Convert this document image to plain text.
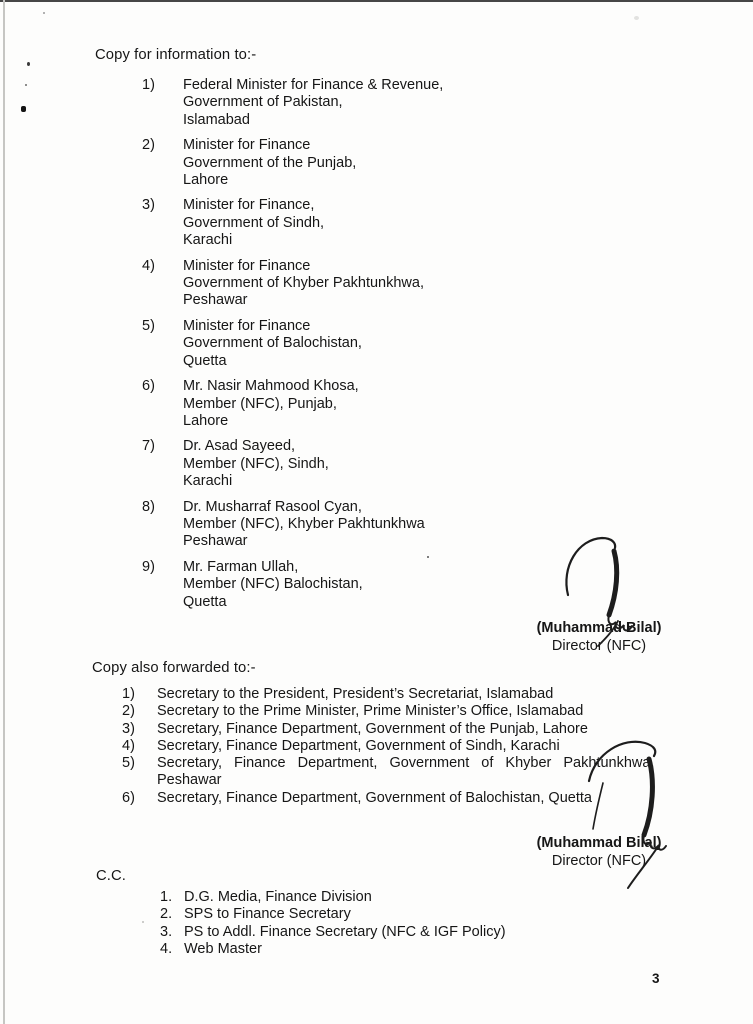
Copy for information to:-
1)	Federal Minister for Finance & Revenue,
Government of Pakistan,
Islamabad
2)	Minister for Finance
Government of the Punjab,
Lahore
3)	Minister for Finance,
Government of Sindh,
Karachi
4)	Minister for Finance
Government of Khyber Pakhtunkhwa,
Peshawar
5)	Minister for Finance
Government of Balochistan,
Quetta
6)	Mr. Nasir Mahmood Khosa,
Member (NFC), Punjab,
Lahore
7)	Dr. Asad Sayeed,
Member (NFC), Sindh,
Karachi
8)	Dr. Musharraf Rasool Cyan,
Member (NFC), Khyber Pakhtunkhwa
Peshawar
9)	Mr. Farman Ullah,
Member (NFC) Balochistan,
Quetta
(Muhammad Bilal)
Director (NFC)
Copy also forwarded to:-
1)	Secretary to the President, President’s Secretariat, Islamabad
2)	Secretary to the Prime Minister, Prime Minister’s Office, Islamabad
3)	Secretary, Finance Department, Government of the Punjab, Lahore
4)	Secretary, Finance Department, Government of Sindh, Karachi
5)	Secretary, Finance Department, Government of Khyber Pakhtunkhwa,
Peshawar
6)	Secretary, Finance Department, Government of Balochistan, Quetta
(Muhammad Bilal)
Director (NFC)
C.C.
1. D.G. Media, Finance Division
2. SPS to Finance Secretary
3. PS to Addl. Finance Secretary (NFC & IGF Policy)
4. Web Master
3
